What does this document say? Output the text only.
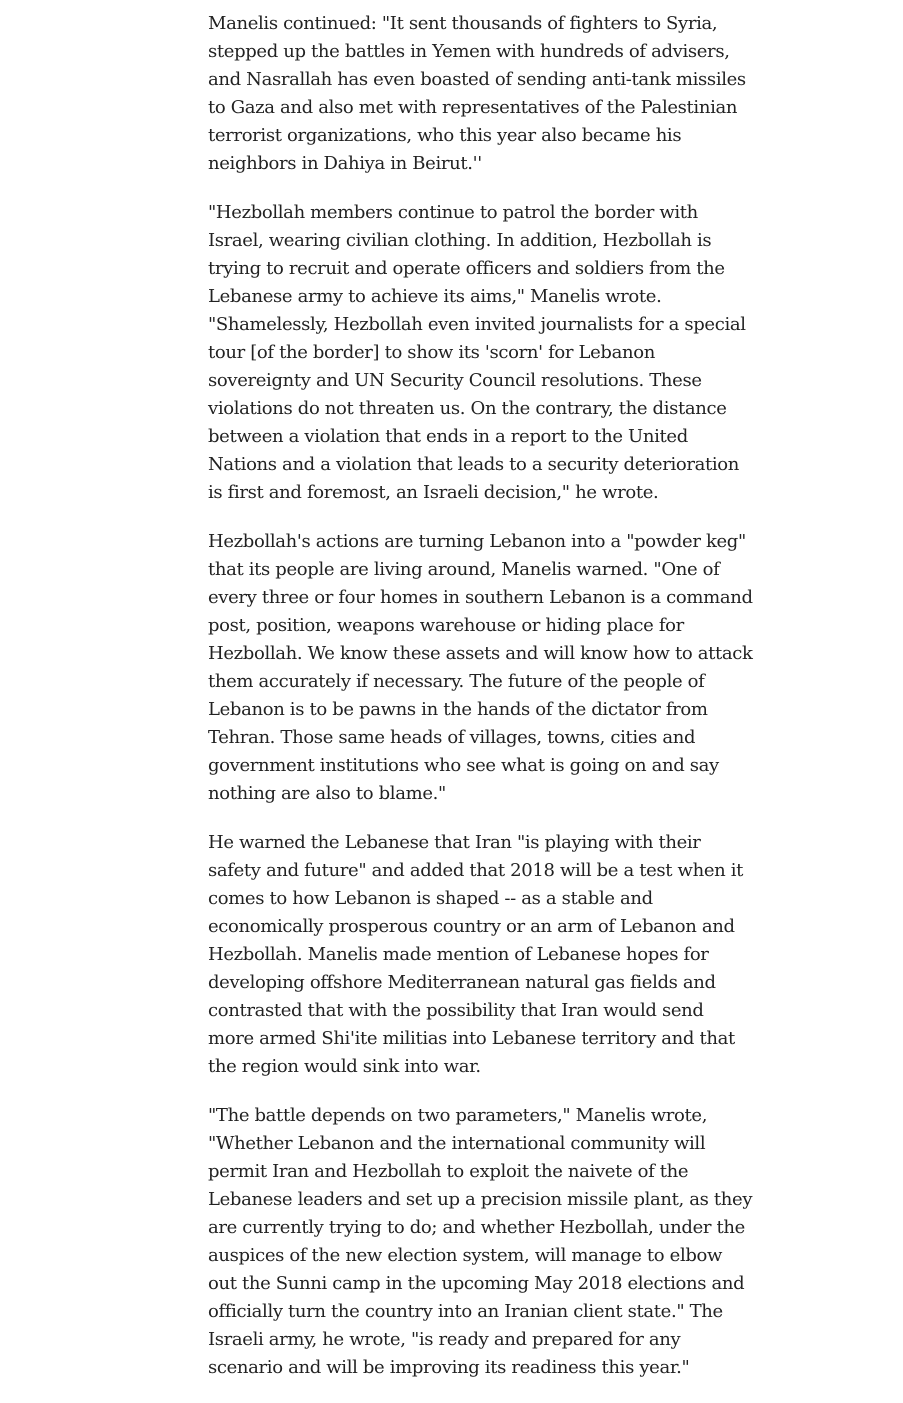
Manelis continued: "It sent thousands of fighters to Syria, stepped up the battles in Yemen with hundreds of advisers, and Nasrallah has even boasted of sending anti-tank missiles to Gaza and also met with representatives of the Palestinian terrorist organizations, who this year also became his neighbors in Dahiya in Beirut.''

"Hezbollah members continue to patrol the border with Israel, wearing civilian clothing. In addition, Hezbollah is trying to recruit and operate officers and soldiers from the Lebanese army to achieve its aims," Manelis wrote. "Shamelessly, Hezbollah even invited journalists for a special tour [of the border] to show its 'scorn' for Lebanon sovereignty and UN Security Council resolutions. These violations do not threaten us. On the contrary, the distance between a violation that ends in a report to the United Nations and a violation that leads to a security deterioration is first and foremost, an Israeli decision," he wrote.

Hezbollah's actions are turning Lebanon into a "powder keg" that its people are living around, Manelis warned. "One of every three or four homes in southern Lebanon is a command post, position, weapons warehouse or hiding place for Hezbollah. We know these assets and will know how to attack them accurately if necessary. The future of the people of Lebanon is to be pawns in the hands of the dictator from Tehran. Those same heads of villages, towns, cities and government institutions who see what is going on and say nothing are also to blame."

He warned the Lebanese that Iran "is playing with their safety and future" and added that 2018 will be a test when it comes to how Lebanon is shaped -- as a stable and economically prosperous country or an arm of Lebanon and Hezbollah. Manelis made mention of Lebanese hopes for developing offshore Mediterranean natural gas fields and contrasted that with the possibility that Iran would send more armed Shi'ite militias into Lebanese territory and that the region would sink into war.

"The battle depends on two parameters," Manelis wrote, "Whether Lebanon and the international community will permit Iran and Hezbollah to exploit the naivete of the Lebanese leaders and set up a precision missile plant, as they are currently trying to do; and whether Hezbollah, under the auspices of the new election system, will manage to elbow out the Sunni camp in the upcoming May 2018 elections and officially turn the country into an Iranian client state." The Israeli army, he wrote, "is ready and prepared for any scenario and will be improving its readiness this year."
